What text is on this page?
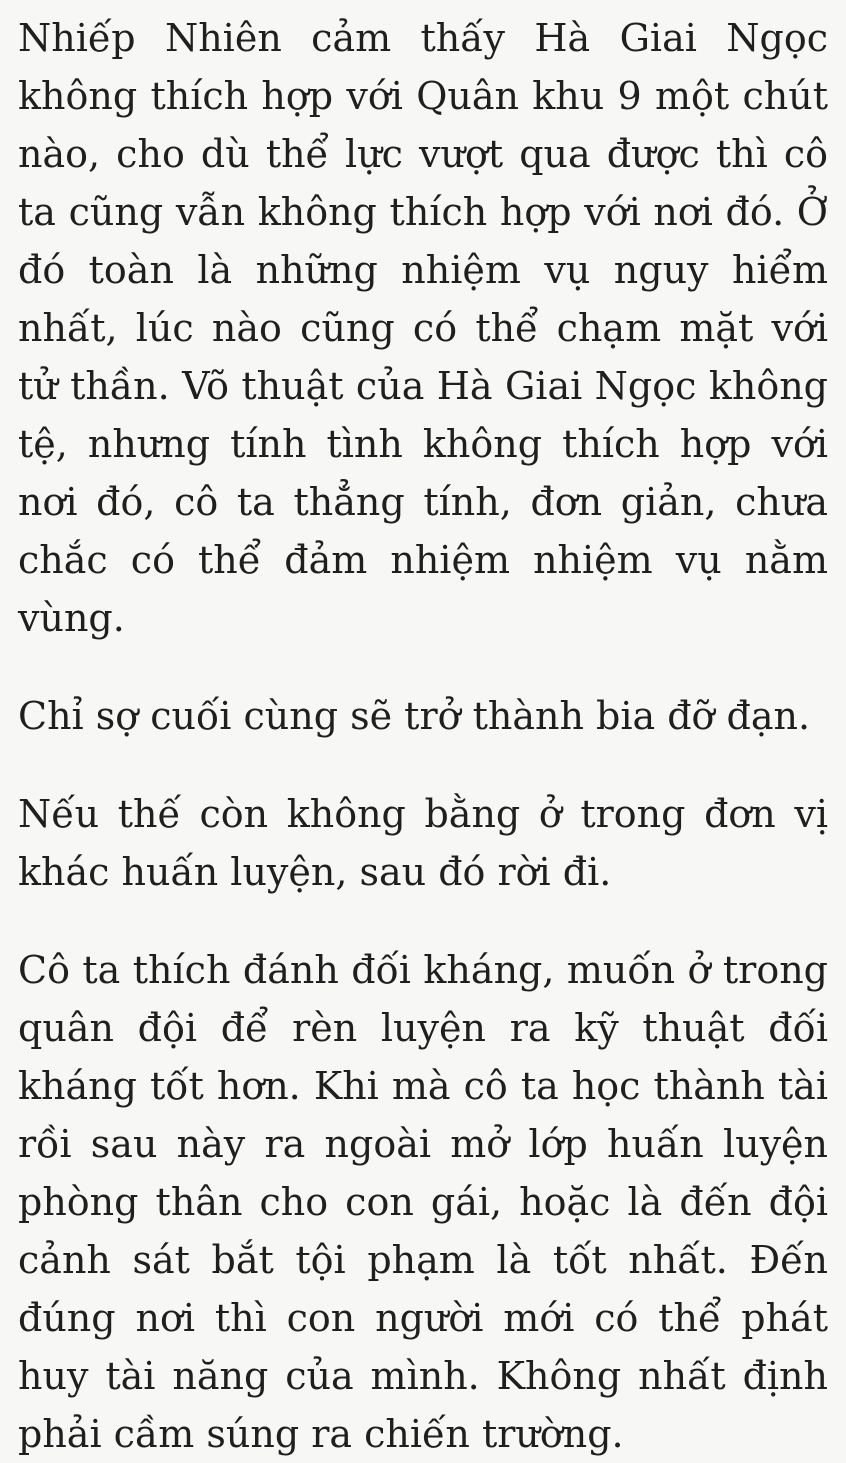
Nhiếp Nhiên cảm thấy Hà Giai Ngọc không thích hợp với Quân khu 9 một chút nào, cho dù thể lực vượt qua được thì cô ta cũng vẫn không thích hợp với nơi đó. Ở đó toàn là những nhiệm vụ nguy hiểm nhất, lúc nào cũng có thể chạm mặt với tử thần. Võ thuật của Hà Giai Ngọc không tệ, nhưng tính tình không thích hợp với nơi đó, cô ta thẳng tính, đơn giản, chưa chắc có thể đảm nhiệm nhiệm vụ nằm vùng.

Chỉ sợ cuối cùng sẽ trở thành bia đỡ đạn.

Nếu thế còn không bằng ở trong đơn vị khác huấn luyện, sau đó rời đi.

Cô ta thích đánh đối kháng, muốn ở trong quân đội để rèn luyện ra kỹ thuật đối kháng tốt hơn. Khi mà cô ta học thành tài rồi sau này ra ngoài mở lớp huấn luyện phòng thân cho con gái, hoặc là đến đội cảnh sát bắt tội phạm là tốt nhất. Đến đúng nơi thì con người mới có thể phát huy tài năng của mình. Không nhất định phải cầm súng ra chiến trường.
